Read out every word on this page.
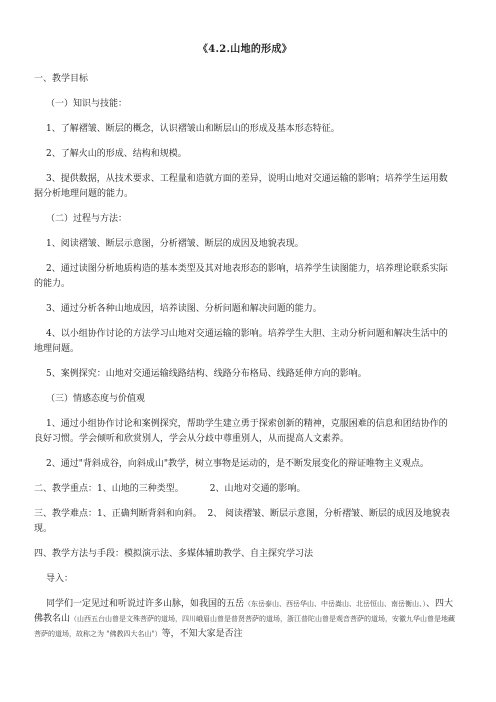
《4.2.山地的形成》
一、教学目标
（一）知识与技能：
1、了解褶皱、断层的概念，认识褶皱山和断层山的形成及基本形态特征。
2、了解火山的形成、结构和规模。
3、提供数据，从技术要求、工程量和造就方面的差异，说明山地对交通运输的影响；培养学生运用数据分析地理问题的能力。
（二）过程与方法：
1、阅读褶皱、断层示意图，分析褶皱、断层的成因及地貌表现。
2、通过读图分析地质构造的基本类型及其对地表形态的影响，培养学生读图能力，培养理论联系实际的能力。
3、通过分析各种山地成因，培养读图、分析问题和解决问题的能力。
4、以小组协作讨论的方法学习山地对交通运输的影响。培养学生大胆、主动分析问题和解决生活中的地理问题。
5、案例探究：山地对交通运输线路结构、线路分布格局、线路延伸方向的影响。
（三）情感态度与价值观
1、通过小组协作讨论和案例探究，帮助学生建立勇于探索创新的精神，克服困难的信息和团结协作的良好习惯。学会倾听和欣赏别人，学会从分歧中尊重别人，从而提高人文素养。
2、通过"背斜成谷，向斜成山"教学，树立事物是运动的，是不断发展变化的辩证唯物主义观点。
二、教学重点：1、山地的三种类型。	2、山地对交通的影响。
三、教学难点：1、正确判断背斜和向斜。 2、 阅读褶皱、断层示意图，分析褶皱、断层的成因及地貌表现。
四、教学方法与手段：模拟演示法、多媒体辅助教学、自主探究学习法
导入：
同学们一定见过和听说过许多山脉，如我国的五岳（东岳泰山、西岳华山、中岳嵩山、北岳恒山、南岳衡山、）、四大佛教名山（山西五台山曾是文殊菩萨的道场，四川峨眉山曾是普贤菩萨的道场，浙江普陀山曾是观音菩萨的道场，安徽九华山曾是地藏菩萨的道场，故称之为 "佛教四大名山"）等，不知大家是否注
